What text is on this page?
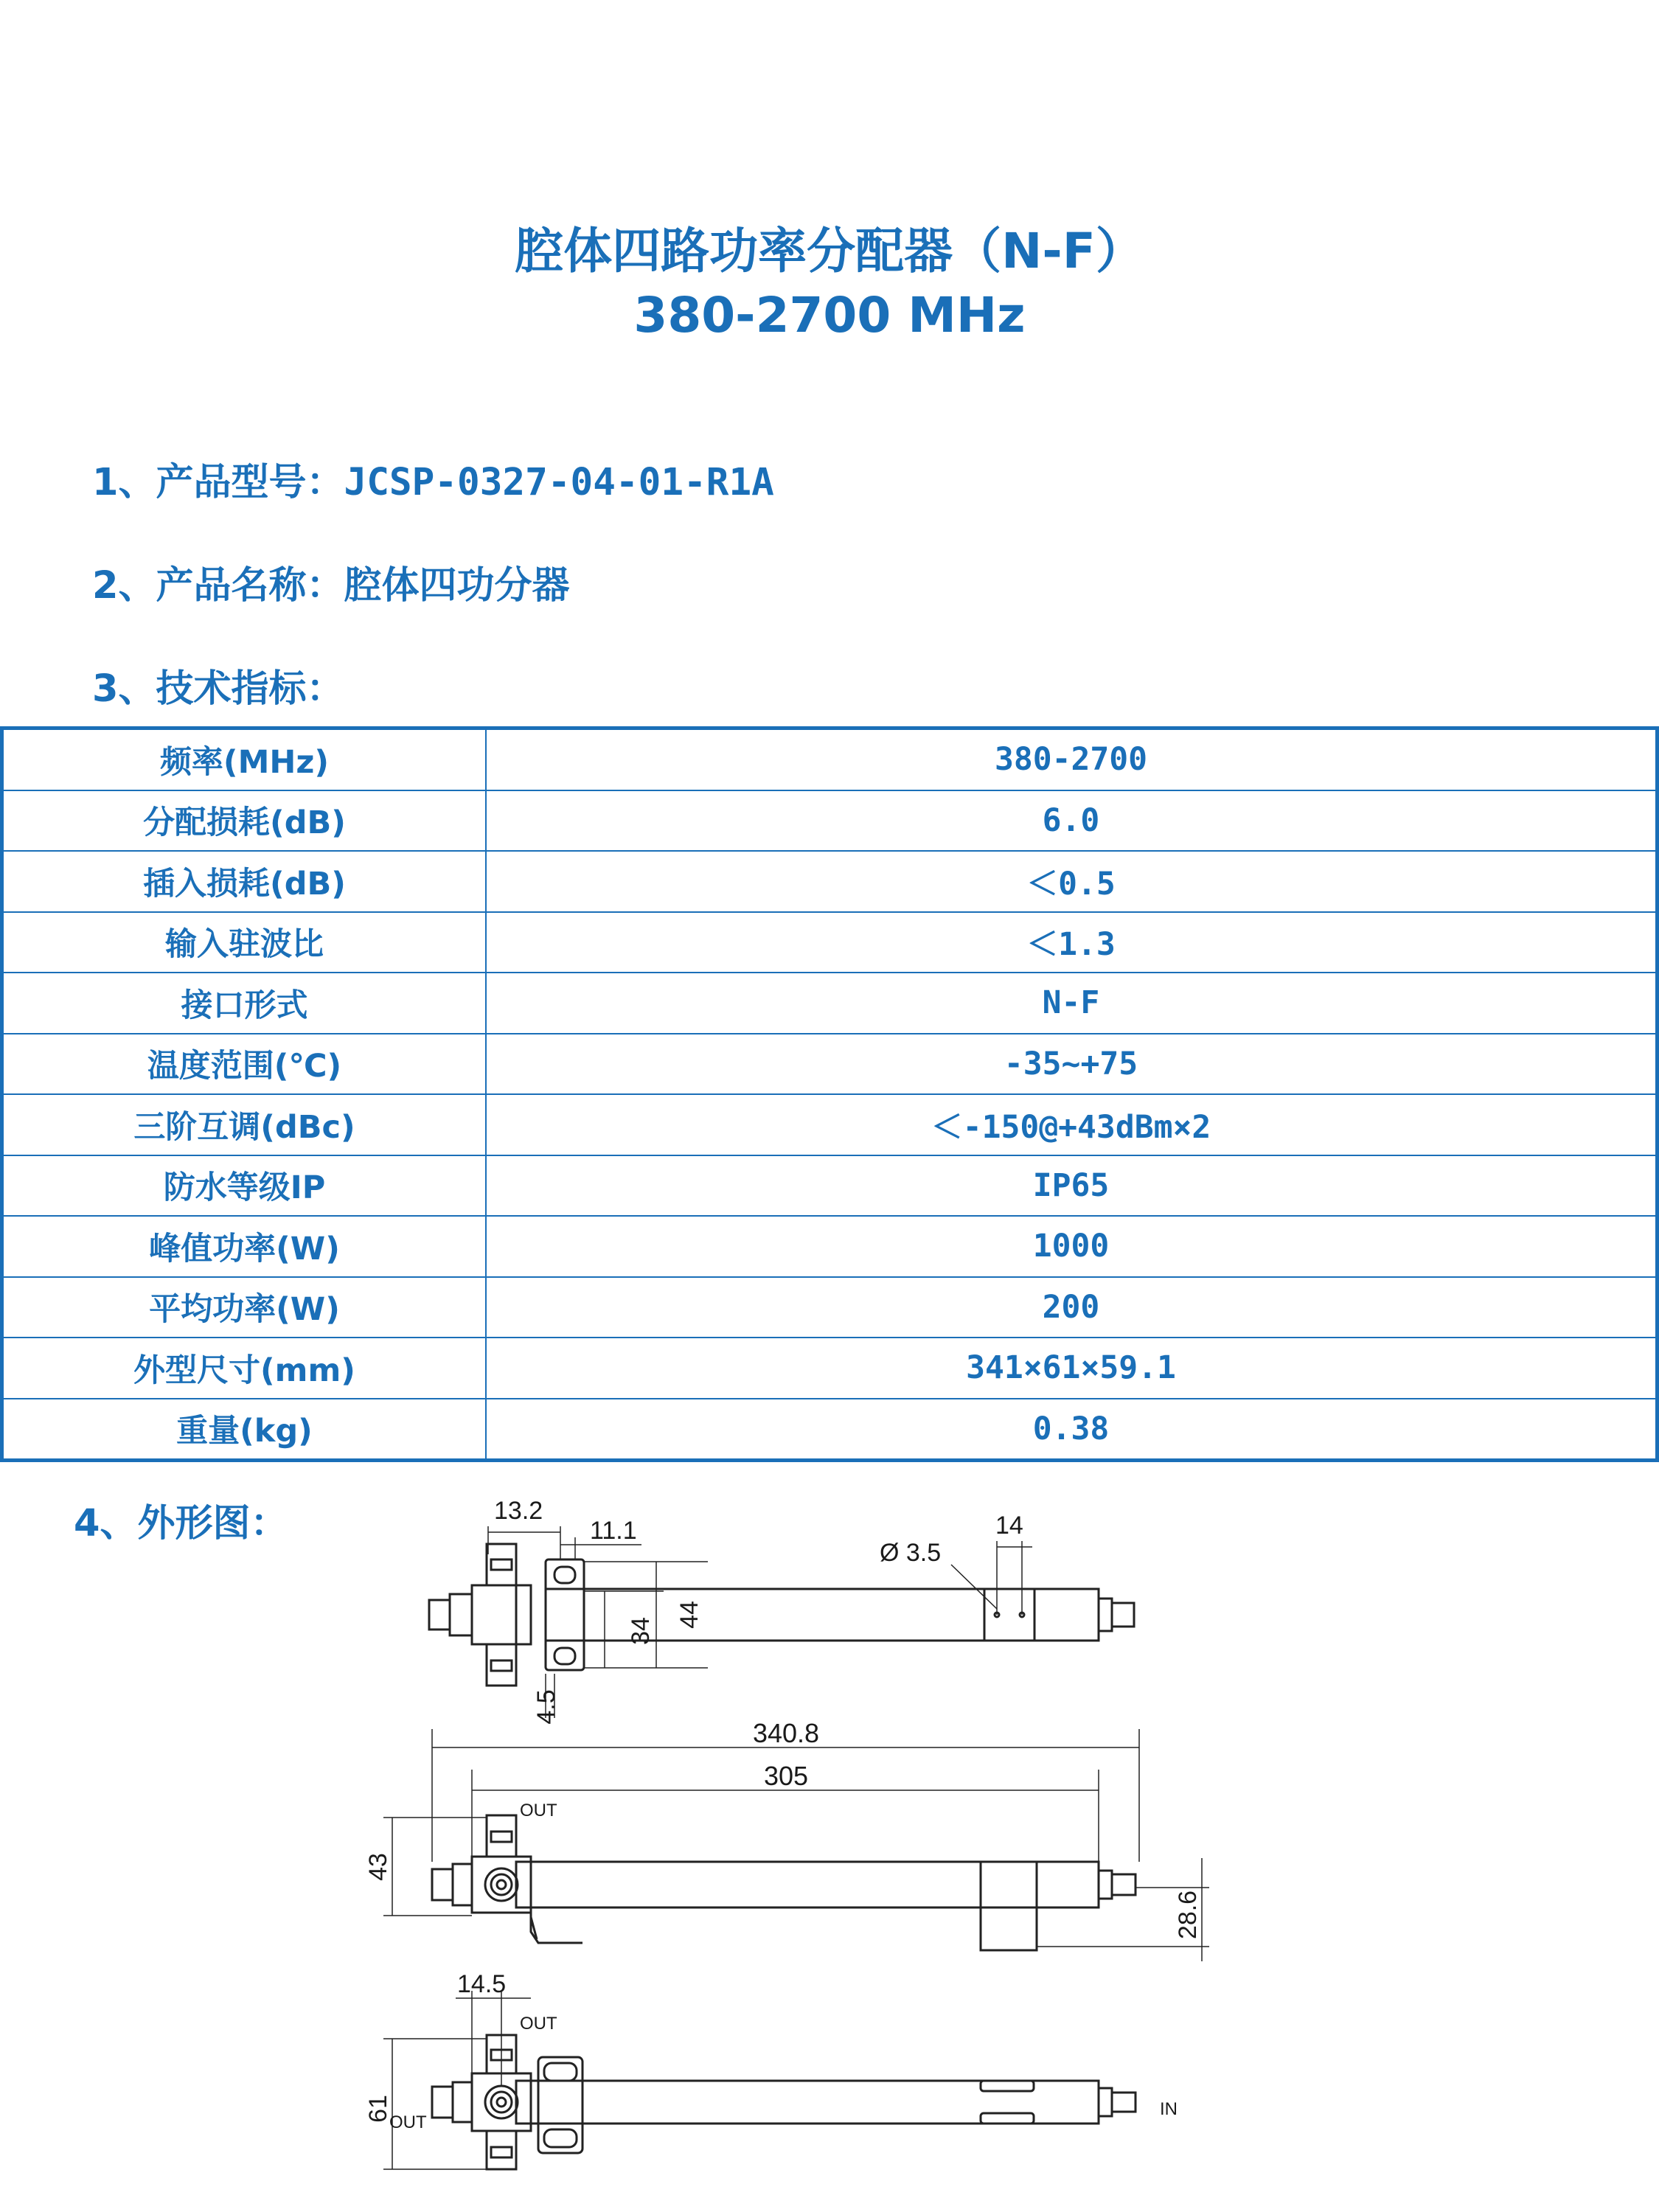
腔体四路功率分配器（N-F）
380-2700 MHz
1、产品型号：JCSP-0327-04-01-R1A
2、产品名称：腔体四功分器
3、技术指标：
频率(MHz)	380-2700
分配损耗(dB)	6.0
插入损耗(dB)	＜0.5
输入驻波比	＜1.3
接口形式	N-F
温度范围(℃)	-35~+75
三阶互调(dBc)	＜-150@+43dBm×2
防水等级IP	IP65
峰值功率(W)	1000
平均功率(W)	200
外型尺寸(mm)	341×61×59.1
重量(kg)	0.38
4、外形图：	13.2
11.1	14
Ø 3.5
34
44
4.5
340.8
305
43
28.6
14.5
61
OUT
OUT
OUT
IN
